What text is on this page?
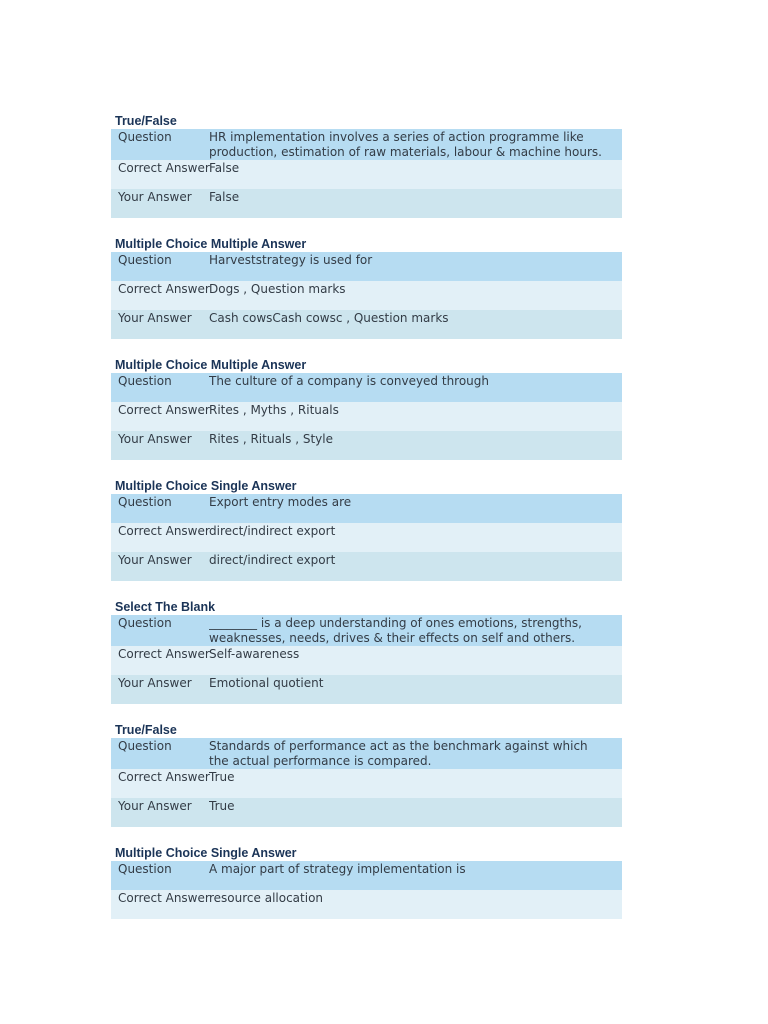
True/False
Question	HR implementation involves a series of action programme like production, estimation of raw materials, labour & machine hours.
Correct Answer False
Your Answer	False
Multiple Choice Multiple Answer
Question	Harveststrategy is used for
Correct Answer Dogs , Question marks
Your Answer	Cash cowsCash cowsc , Question marks
Multiple Choice Multiple Answer
Question	The culture of a company is conveyed through
Correct Answer Rites , Myths , Rituals
Your Answer	Rites , Rituals , Style
Multiple Choice Single Answer
Question	Export entry modes are
Correct Answer direct/indirect export
Your Answer	direct/indirect export
Select The Blank
Question	________ is a deep understanding of ones emotions, strengths, weaknesses, needs, drives & their effects on self and others.
Correct Answer Self-awareness
Your Answer	Emotional quotient
True/False
Question	Standards of performance act as the benchmark against which the actual performance is compared.
Correct Answer True
Your Answer	True
Multiple Choice Single Answer
Question	A major part of strategy implementation is
Correct Answer resource allocation
